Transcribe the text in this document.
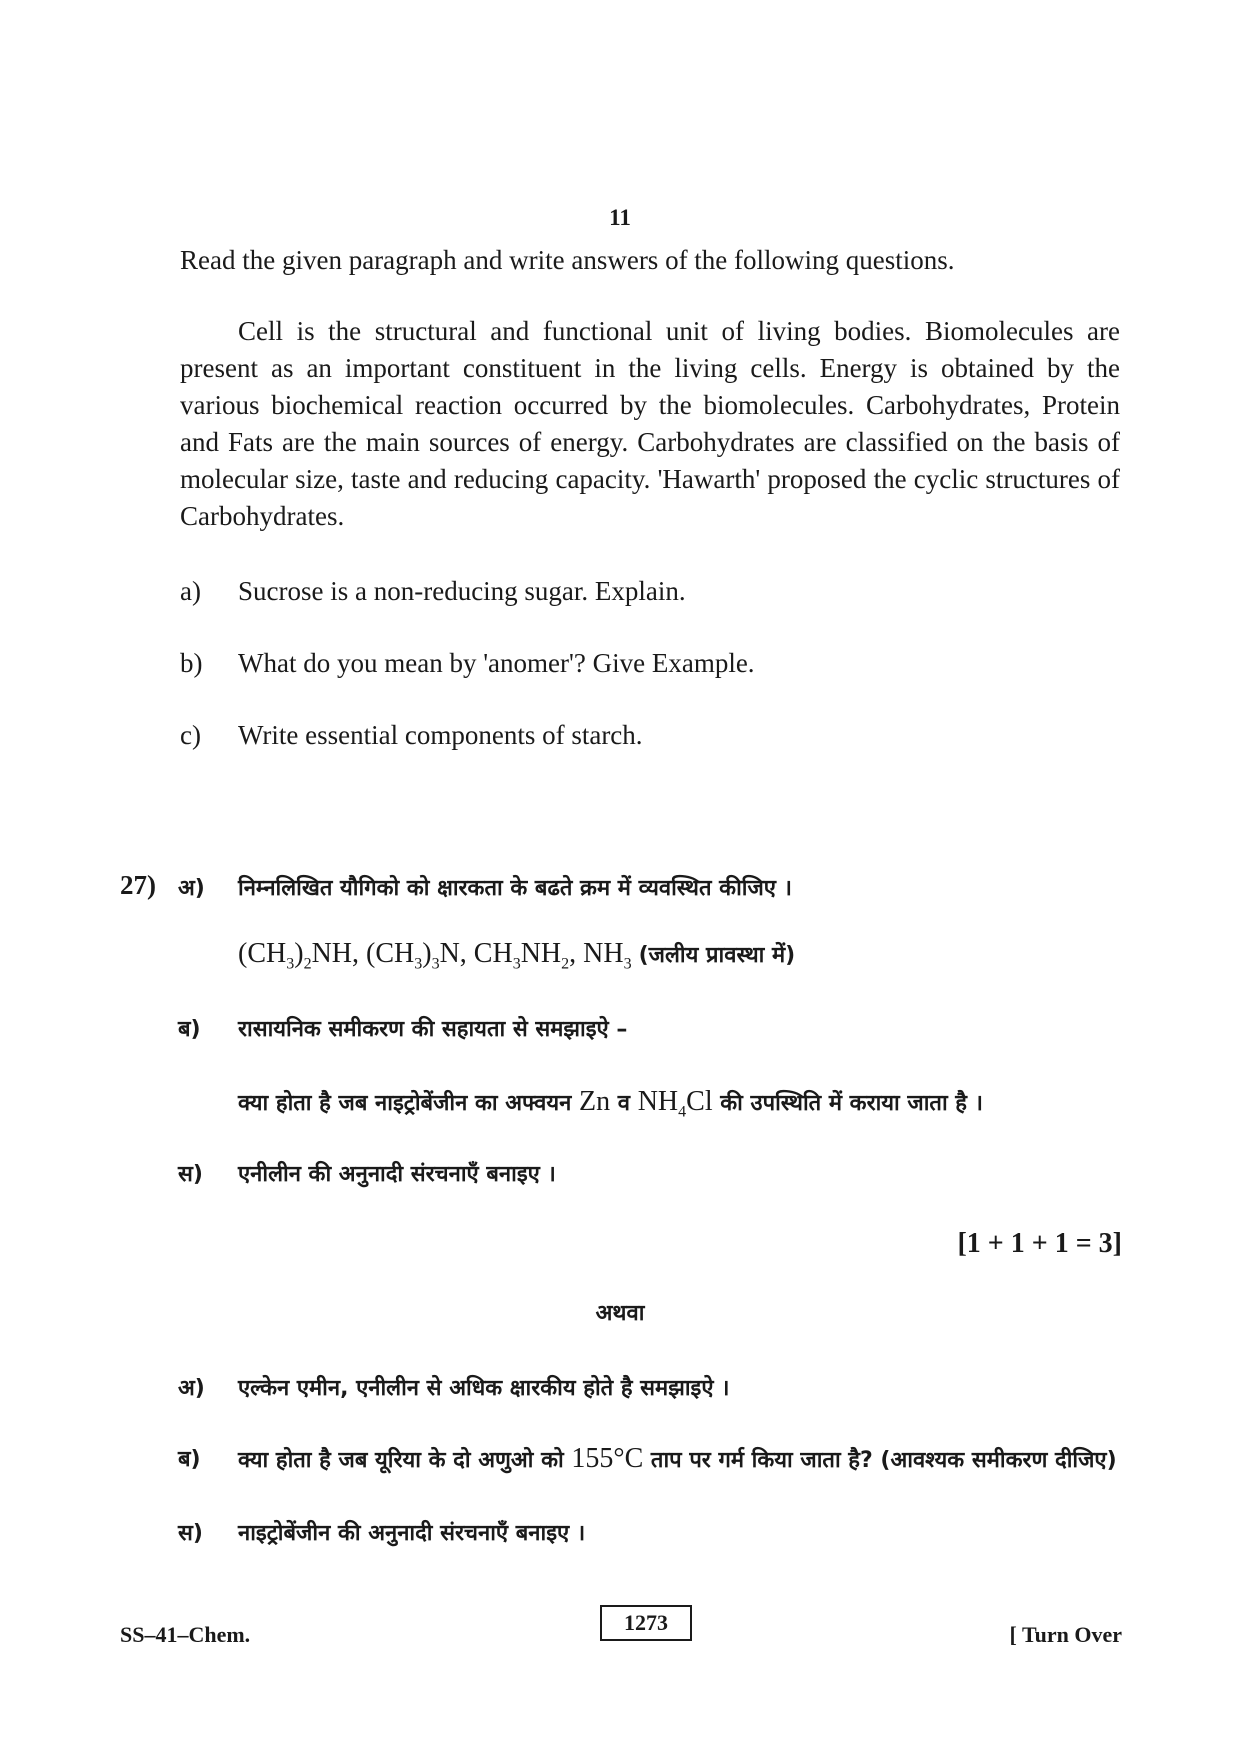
11
Read the given paragraph and write answers of the following questions.
Cell is the structural and functional unit of living bodies. Biomolecules are present as an important constituent in the living cells. Energy is obtained by the various biochemical reaction occurred by the biomolecules. Carbohydrates, Protein and Fats are the main sources of energy. Carbohydrates are classified on the basis of molecular size, taste and reducing capacity. 'Hawarth' proposed the cyclic structures of Carbohydrates.
a) Sucrose is a non-reducing sugar. Explain.
b) What do you mean by 'anomer'? Give Example.
c) Write essential components of starch.
27) अ) निम्नलिखित यौगिको को क्षारकता के बढते क्रम में व्यवस्थित कीजिए ।
$(CH_3)_2NH$, $(CH_3)_3N$, $CH_3NH_2$, $NH_3$ (जलीय प्रावस्था में)
ब) रासायनिक समीकरण की सहायता से समझाइऐ –
क्या होता है जब नाइट्रोबेंजीन का अफ्वयन Zn व $NH_4Cl$ की उपस्थिति में कराया जाता है ।
स) एनीलीन की अनुनादी संरचनाएँ बनाइए ।
[1 + 1 + 1 = 3]
अथवा
अ) एल्केन एमीन, एनीलीन से अधिक क्षारकीय होते है समझाइऐ ।
ब) क्या होता है जब यूरिया के दो अणुओ को 155°C ताप पर गर्म किया जाता है? (आवश्यक समीकरण दीजिए)
स) नाइट्रोबेंजीन की अनुनादी संरचनाएँ बनाइए ।
SS–41–Chem.	1273	[ Turn Over
